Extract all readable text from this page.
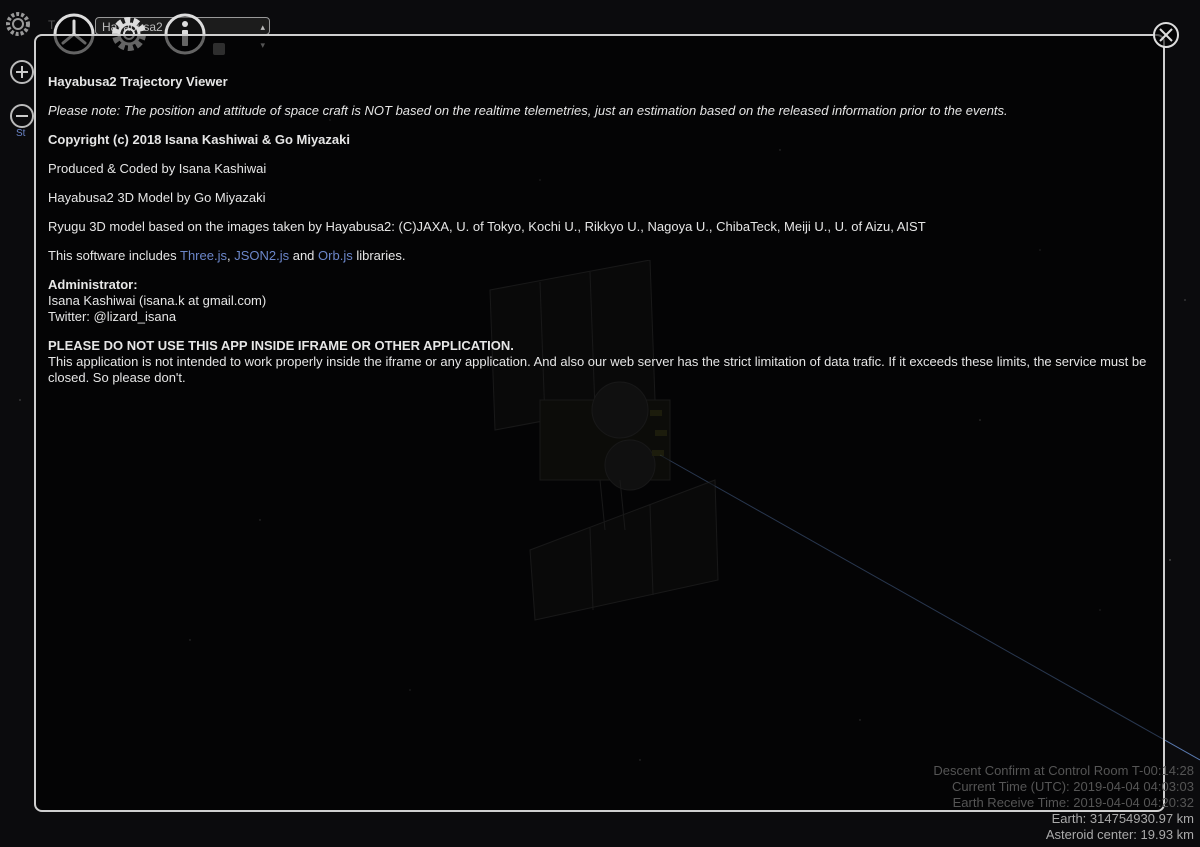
T	Hayabusa2	▴

St

Hayabusa2 Trajectory Viewer

Please note: The position and attitude of space craft is NOT based on the realtime telemetries, just an estimation based on the released information prior to the events.

Copyright (c) 2018 Isana Kashiwai & Go Miyazaki

Produced & Coded by Isana Kashiwai

Hayabusa2 3D Model by Go Miyazaki

Ryugu 3D model based on the images taken by Hayabusa2: (C)JAXA, U. of Tokyo, Kochi U., Rikkyo U., Nagoya U., ChibaTeck, Meiji U., U. of Aizu, AIST

This software includes Three.js, JSON2.js and Orb.js libraries.

Administrator:

Isana Kashiwai (isana.k at gmail.com)

Twitter: @lizard_isana

PLEASE DO NOT USE THIS APP INSIDE IFRAME OR OTHER APPLICATION.

This application is not intended to work properly inside the iframe or any application. And also our web server has the strict limitation of data trafic. If it exceeds these limits, the service must be closed. So please don't.

Descent Confirm at Control Room T-00:14:28
Current Time (UTC): 2019-04-04 04:03:03
Earth Receive Time: 2019-04-04 04:20:32
Earth: 314754930.97 km
Asteroid center: 19.93 km
